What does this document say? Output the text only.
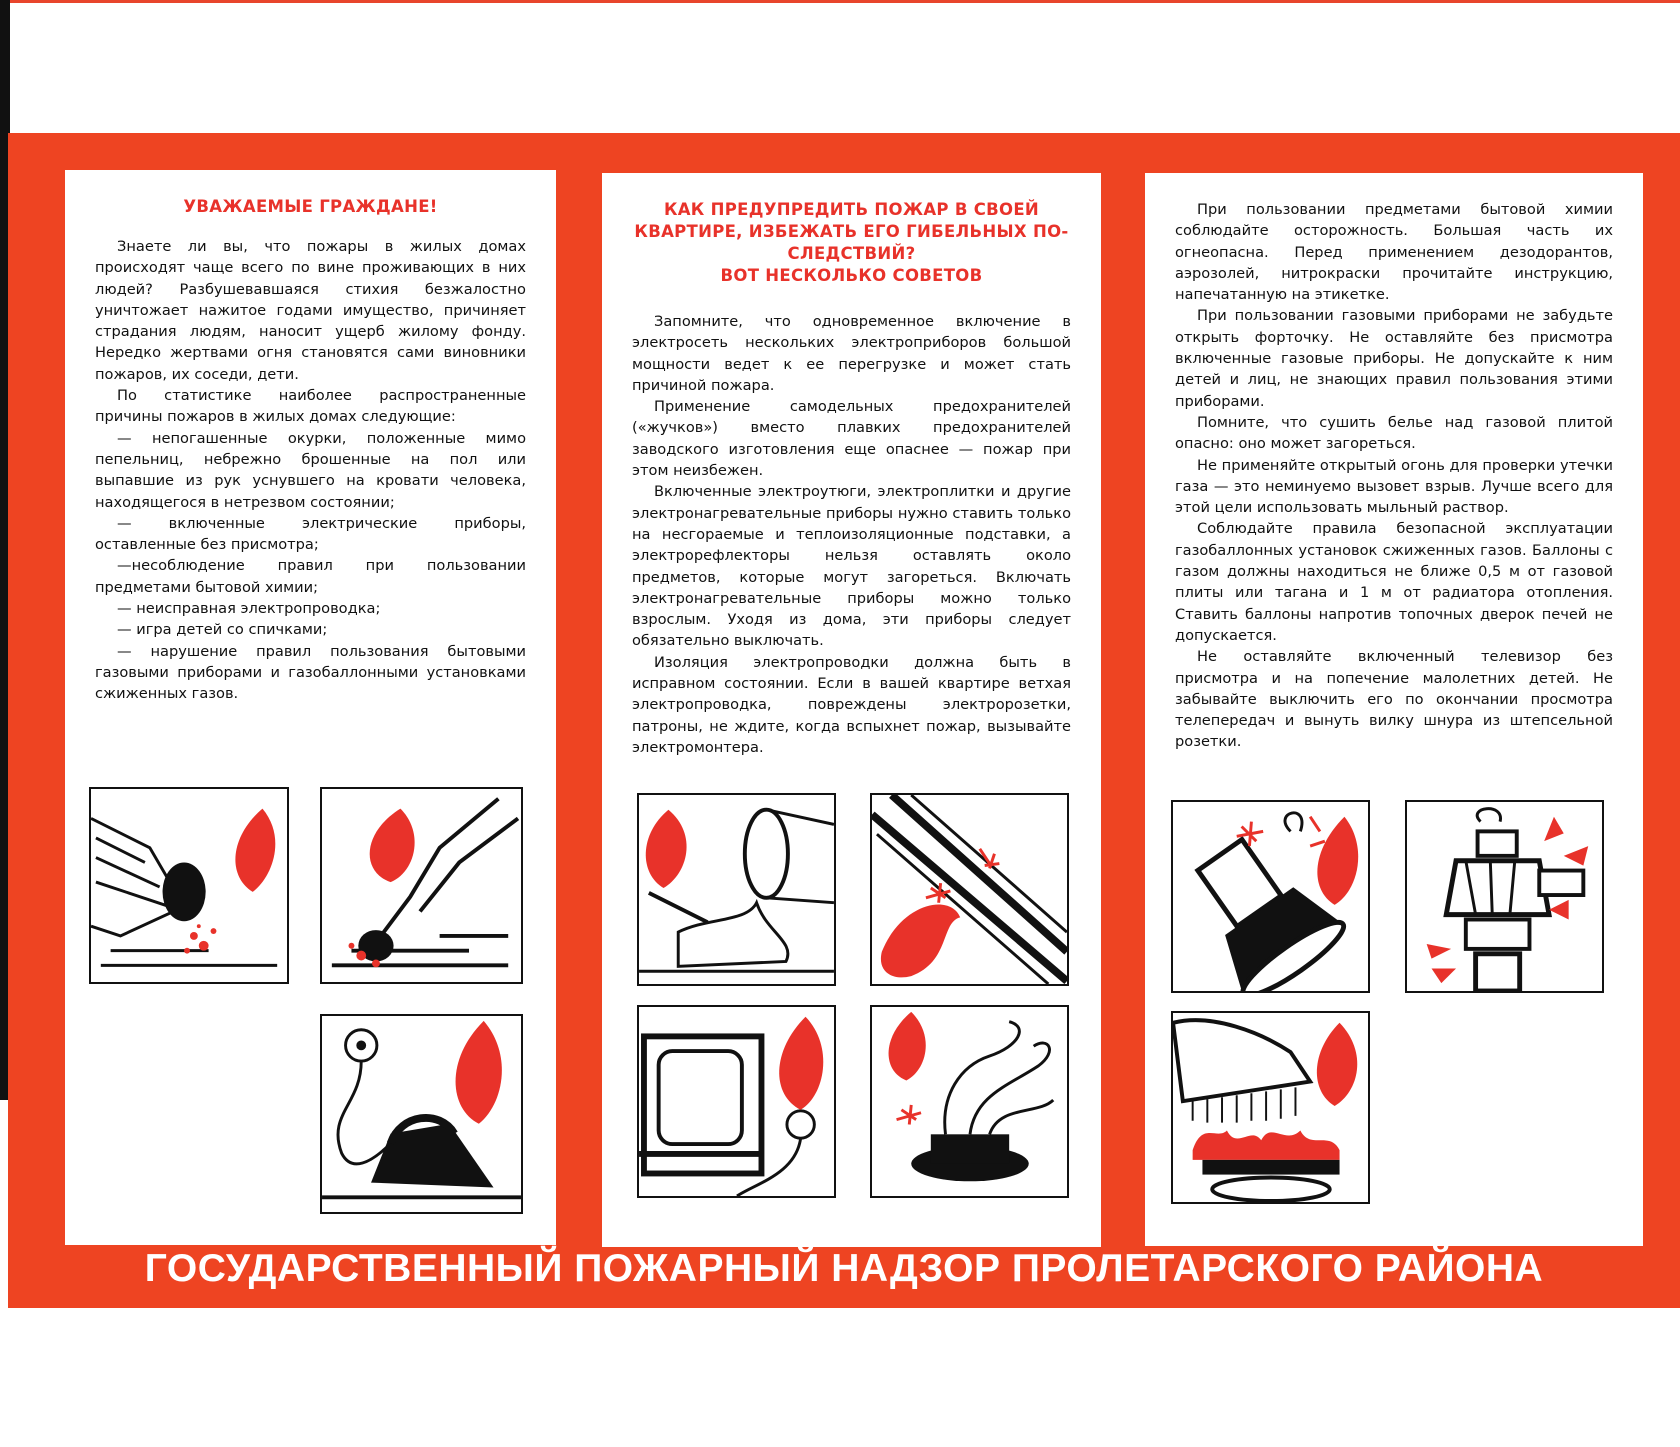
УВАЖАЕМЫЕ ГРАЖДАНЕ!

Знаете ли вы, что пожары в жилых домах происходят чаще всего по вине проживающих в них людей? Разбушевавшаяся стихия безжалостно уничтожает нажитое годами имущество, причиняет страдания людям, наносит ущерб жилому фонду. Нередко жертвами огня становятся сами виновники пожаров, их соседи, дети.

По статистике наиболее распространенные причины пожаров в жилых домах следующие:

— непогашенные окурки, положенные мимо пепельниц, небрежно брошенные на пол или выпавшие из рук уснувшего на кровати человека, находящегося в нетрезвом состоянии;

— включенные электрические приборы, оставленные без присмотра;

—несоблюдение правил при пользовании предметами бытовой химии;

— неисправная электропроводка;

— игра детей со спичками;

— нарушение правил пользования бытовыми газовыми приборами и газобаллонными установками сжиженных газов.

КАК ПРЕДУПРЕДИТЬ ПОЖАР В СВОЕЙ
КВАРТИРЕ, ИЗБЕЖАТЬ ЕГО ГИБЕЛЬНЫХ ПО-
СЛЕДСТВИЙ?
ВОТ НЕСКОЛЬКО СОВЕТОВ

Запомните, что одновременное включение в электросеть нескольких электроприборов большой мощности ведет к ее перегрузке и может стать причиной пожара.

Применение самодельных предохранителей («жучков») вместо плавких предохранителей заводского изготовления еще опаснее — пожар при этом неизбежен.

Включенные электроутюги, электроплитки и другие электронагревательные приборы нужно ставить только на несгораемые и теплоизоляционные подставки, а электрорефлекторы нельзя оставлять около предметов, которые могут загореться. Включать электронагревательные приборы можно только взрослым. Уходя из дома, эти приборы следует обязательно выключать.

Изоляция электропроводки должна быть в исправном состоянии. Если в вашей квартире ветхая электропроводка, повреждены электророзетки, патроны, не ждите, когда вспыхнет пожар, вызывайте электромонтера.

При пользовании предметами бытовой химии соблюдайте осторожность. Большая часть их огнеопасна. Перед применением дезодорантов, аэрозолей, нитрокраски прочитайте инструкцию, напечатанную на этикетке.

При пользовании газовыми приборами не забудьте открыть форточку. Не оставляйте без присмотра включенные газовые приборы. Не допускайте к ним детей и лиц, не знающих правил пользования этими приборами.

Помните, что сушить белье над газовой плитой опасно: оно может загореться.

Не применяйте открытый огонь для проверки утечки газа — это неминуемо вызовет взрыв. Лучше всего для этой цели использовать мыльный раствор.

Соблюдайте правила безопасной эксплуатации газобаллонных установок сжиженных газов. Баллоны с газом должны находиться не ближе 0,5 м от газовой плиты или тагана и 1 м от радиатора отопления. Ставить баллоны напротив топочных дверок печей не допускается.

Не оставляйте включенный телевизор без присмотра и на попечение малолетних детей. Не забывайте выключить его по окончании просмотра телепередач и вынуть вилку шнура из штепсельной розетки.

ГОСУДАРСТВЕННЫЙ ПОЖАРНЫЙ НАДЗОР ПРОЛЕТАРСКОГО РАЙОНА
